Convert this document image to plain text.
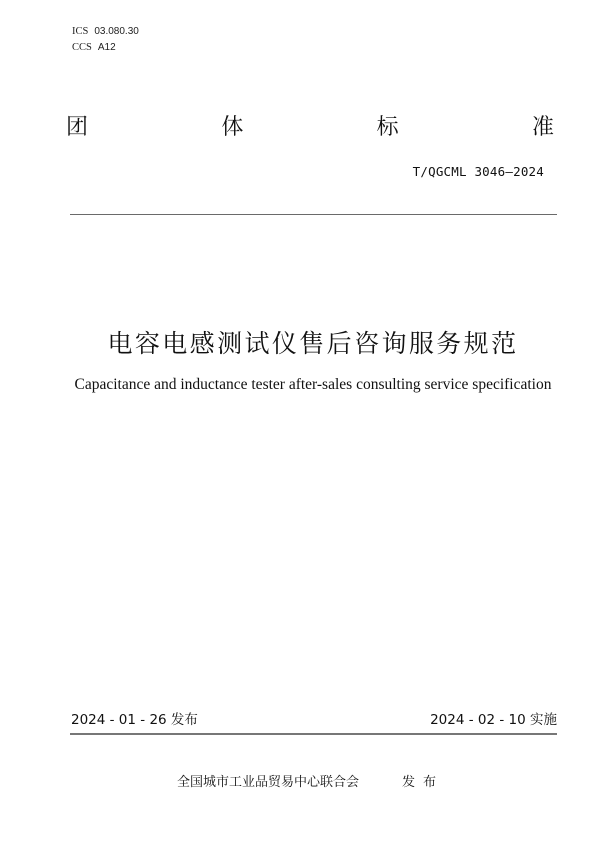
ICS 03.080.30
CCS A12
团	体	标	准
T/QGCML 3046—2024
电容电感测试仪售后咨询服务规范
Capacitance and inductance tester after-sales consulting service specification
2024 - 01 - 26 发布	2024 - 02 - 10 实施
全国城市工业品贸易中心联合会	发布
